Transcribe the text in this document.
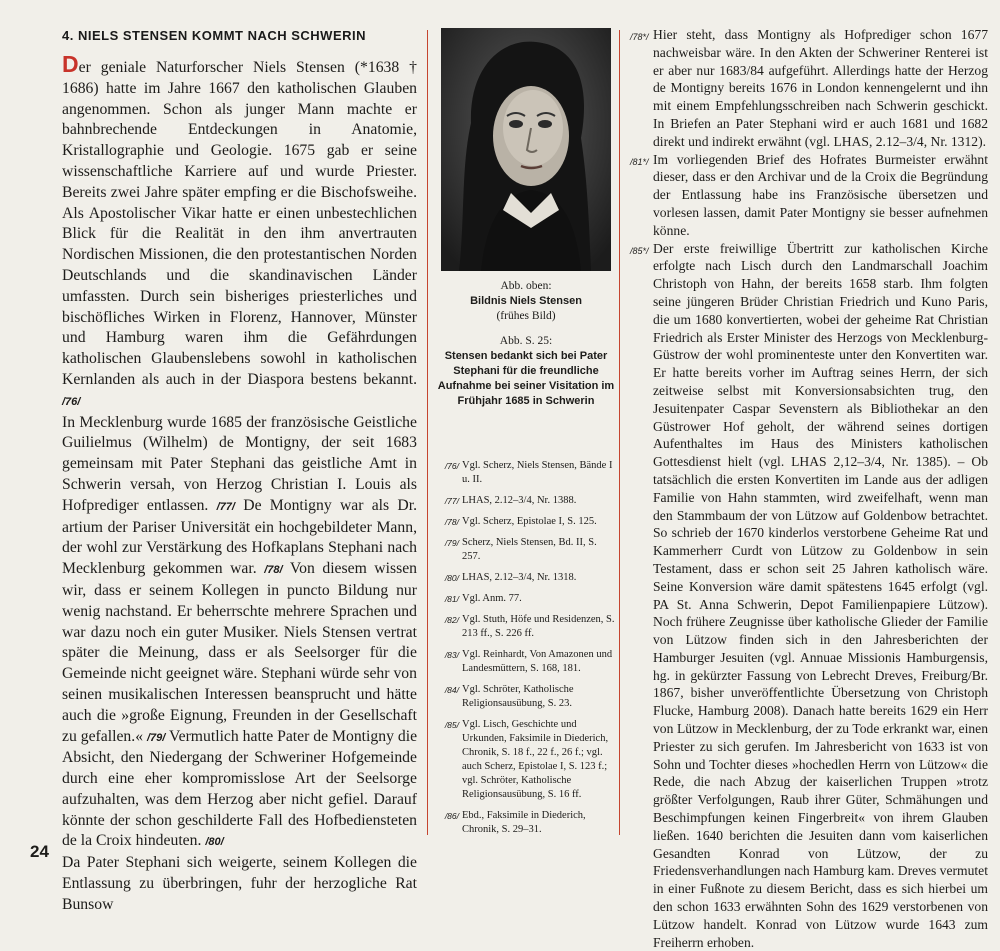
4. NIELS STENSEN KOMMT NACH SCHWERIN
Der geniale Naturforscher Niels Stensen (*1638 † 1686) hatte im Jahre 1667 den katholischen Glauben angenommen. Schon als junger Mann machte er bahnbrechende Entdeckungen in Anatomie, Kristallographie und Geologie. 1675 gab er seine wissenschaftliche Karriere auf und wurde Priester. Bereits zwei Jahre später empfing er die Bischofsweihe. Als Apostolischer Vikar hatte er einen unbestechlichen Blick für die Realität in den ihm anvertrauten Nordischen Missionen, die den protestantischen Norden Deutschlands und die skandinavischen Länder umfassten. Durch sein bisheriges priesterliches und bischöfliches Wirken in Florenz, Hannover, Münster und Hamburg waren ihm die Gefährdungen katholischen Glaubenslebens sowohl in katholischen Kernlanden als auch in der Diaspora bestens bekannt. /76/
In Mecklenburg wurde 1685 der französische Geistliche Guilielmus (Wilhelm) de Montigny, der seit 1683 gemeinsam mit Pater Stephani das geistliche Amt in Schwerin versah, von Herzog Christian I. Louis als Hofprediger entlassen. /77/ De Montigny war als Dr. artium der Pariser Universität ein hochgebildeter Mann, der wohl zur Verstärkung des Hofkaplans Stephani nach Mecklenburg gekommen war. /78/ Von diesem wissen wir, dass er seinem Kollegen in puncto Bildung nur wenig nachstand. Er beherrschte mehrere Sprachen und war dazu noch ein guter Musiker. Niels Stensen vertrat später die Meinung, dass er als Seelsorger für die Gemeinde nicht geeignet wäre. Stephani würde sehr von seinen musikalischen Interessen beansprucht und hätte auch die »große Eignung, Freunden in der Gesellschaft zu gefallen.« /79/ Vermutlich hatte Pater de Montigny die Absicht, den Niedergang der Schweriner Hofgemeinde durch eine eher kompromisslose Art der Seelsorge aufzuhalten, was dem Herzog aber nicht gefiel. Darauf könnte der schon geschilderte Fall des Hofbediensteten de la Croix hindeuten. /80/
Da Pater Stephani sich weigerte, seinem Kollegen die Entlassung zu überbringen, fuhr der herzogliche Rat Bunsow
24

Abb. oben:
Bildnis Niels Stensen
(frühes Bild)

Abb. S. 25:
Stensen bedankt sich bei Pater Stephani für die freundliche Aufnahme bei seiner Visitation im Frühjahr 1685 in Schwerin

/76/ Vgl. Scherz, Niels Stensen, Bände I u. II.
/77/ LHAS, 2.12–3/4, Nr. 1388.
/78/ Vgl. Scherz, Epistolae I, S. 125.
/79/ Scherz, Niels Stensen, Bd. II, S. 257.
/80/ LHAS, 2.12–3/4, Nr. 1318.
/81/ Vgl. Anm. 77.
/82/ Vgl. Stuth, Höfe und Residenzen, S. 213 ff., S. 226 ff.
/83/ Vgl. Reinhardt, Von Amazonen und Landesmüttern, S. 168, 181.
/84/ Vgl. Schröter, Katholische Religionsausübung, S. 23.
/85/ Vgl. Lisch, Geschichte und Urkunden, Faksimile in Diederich, Chronik, S. 18 f., 22 f., 26 f.; vgl. auch Scherz, Epistolae I, S. 123 f.; vgl. Schröter, Katholische Religionsausübung, S. 16 ff.
/86/ Ebd., Faksimile in Diederich, Chronik, S. 29–31.
/78*/ Hier steht, dass Montigny als Hofprediger schon 1677 nachweisbar wäre. In den Akten der Schweriner Renterei ist er aber nur 1683/84 aufgeführt. Allerdings hatte der Herzog de Montigny bereits 1676 in London kennengelernt und ihn mit einem Empfehlungsschreiben nach Schwerin geschickt. In Briefen an Pater Stephani wird er auch 1681 und 1682 direkt und indirekt erwähnt (vgl. LHAS, 2.12–3/4, Nr. 1312).
/81*/ Im vorliegenden Brief des Hofrates Burmeister erwähnt dieser, dass er den Archivar und de la Croix die Begründung der Entlassung habe ins Französische übersetzen und vorlesen lassen, damit Pater Montigny sie besser aufnehmen könne.
/85*/ Der erste freiwillige Übertritt zur katholischen Kirche erfolgte nach Lisch durch den Landmarschall Joachim Christoph von Hahn, der bereits 1658 starb. Ihm folgten seine jüngeren Brüder Christian Friedrich und Kuno Paris, die um 1680 konvertierten, wobei der geheime Rat Christian Friedrich als Erster Minister des Herzogs von Mecklenburg-Güstrow der wohl prominenteste unter den Konvertiten war. Er hatte bereits vorher im Auftrag seines Herrn, der sich zeitweise selbst mit Konversionsabsichten trug, den Jesuitenpater Caspar Sevenstern als Bibliothekar an den Güstrower Hof geholt, der während seines dortigen Aufenthaltes im Haus des Ministers katholischen Gottesdienst hielt (vgl. LHAS 2,12–3/4, Nr. 1385). – Ob tatsächlich die ersten Konvertiten im Lande aus der adligen Familie von Hahn stammten, wird zweifelhaft, wenn man den Stammbaum der von Lützow auf Goldenbow betrachtet. So schrieb der 1670 kinderlos verstorbene Geheime Rat und Kammerherr Curdt von Lützow zu Goldenbow in sein Testament, dass er schon seit 25 Jahren katholisch wäre. Seine Konversion wäre damit spätestens 1645 erfolgt (vgl. PA St. Anna Schwerin, Depot Familienpapiere Lützow). Noch frühere Zeugnisse über katholische Glieder der Familie von Lützow finden sich in den Jahresberichten der Hamburger Jesuiten (vgl. Annuae Missionis Hamburgensis, hg. in gekürzter Fassung von Lebrecht Dreves, Freiburg/Br. 1867, bisher unveröffentlichte Übersetzung von Christoph Flucke, Hamburg 2008). Danach hatte bereits 1629 ein Herr von Lützow in Mecklenburg, der zu Tode erkrankt war, einen Priester zu sich gerufen. Im Jahresbericht von 1633 ist von Sohn und Tochter dieses »hochedlen Herrn von Lützow« die Rede, die nach Abzug der kaiserlichen Truppen »trotz größter Verfolgungen, Raub ihrer Güter, Schmähungen und Beschimpfungen keinen Fingerbreit« von ihrem Glauben ließen. 1640 berichten die Jesuiten dann vom kaiserlichen Gesandten Konrad von Lützow, der zu Friedensverhandlungen nach Hamburg kam. Dreves vermutet in einer Fußnote zu diesem Bericht, dass es sich hierbei um den schon 1633 erwähnten Sohn des 1629 verstorbenen von Lützow handelt. Konrad von Lützow wurde 1643 zum Freiherrn erhoben.
